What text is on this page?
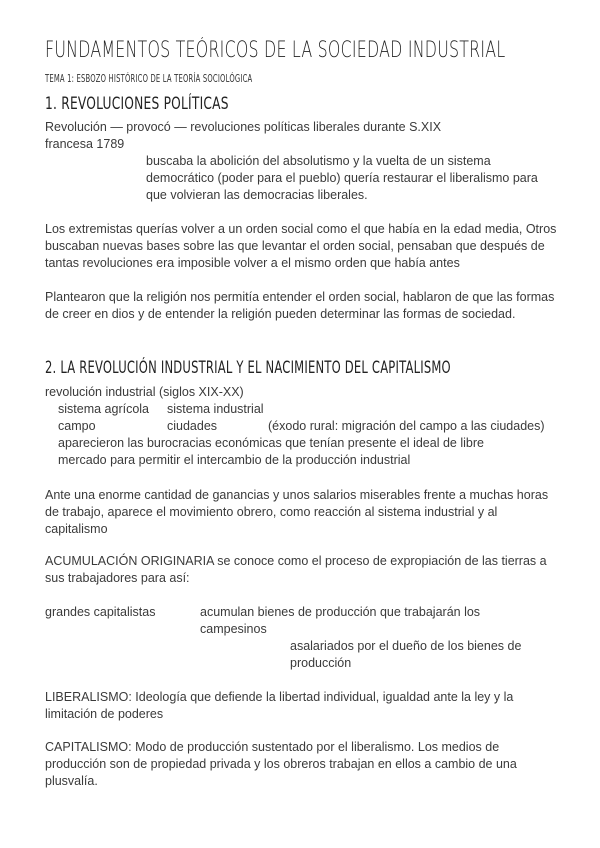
FUNDAMENTOS TEÓRICOS DE LA SOCIEDAD INDUSTRIAL
TEMA 1: ESBOZO HISTÓRICO DE LA TEORÍA SOCIOLÓGICA
1. REVOLUCIONES POLÍTICAS
Revolución — provocó — revoluciones políticas liberales durante S.XIX
francesa 1789
buscaba la abolición del absolutismo y la vuelta de un sistema democrático (poder para el pueblo) quería restaurar el liberalismo para que volvieran las democracias liberales.
Los extremistas querías volver a un orden social como el que había en la edad media, Otros buscaban nuevas bases sobre las que levantar el orden social, pensaban que después de tantas revoluciones era imposible volver a el mismo orden que había antes
Plantearon que la religión nos permitía entender el orden social, hablaron de que las formas de creer en dios y de entender la religión pueden determinar las formas de sociedad.
2. LA REVOLUCIÓN INDUSTRIAL Y EL NACIMIENTO DEL CAPITALISMO
revolución industrial (siglos XIX-XX)
sistema agrícola sistema industrial
campo	ciudades	(éxodo rural: migración del campo a las ciudades)
aparecieron las burocracias económicas que tenían presente el ideal de libre
mercado para permitir el intercambio de la producción industrial
Ante una enorme cantidad de ganancias y unos salarios miserables frente a muchas horas de trabajo, aparece el movimiento obrero, como reacción al sistema industrial y al capitalismo
ACUMULACIÓN ORIGINARIA se conoce como el proceso de expropiación de las tierras a sus trabajadores para así:
grandes capitalistas	acumulan bienes de producción que trabajarán los
campesinos
asalariados por el dueño de los bienes de producción
LIBERALISMO: Ideología que defiende la libertad individual, igualdad ante la ley y la limitación de poderes
CAPITALISMO: Modo de producción sustentado por el liberalismo. Los medios de producción son de propiedad privada y los obreros trabajan en ellos a cambio de una plusvalía.
